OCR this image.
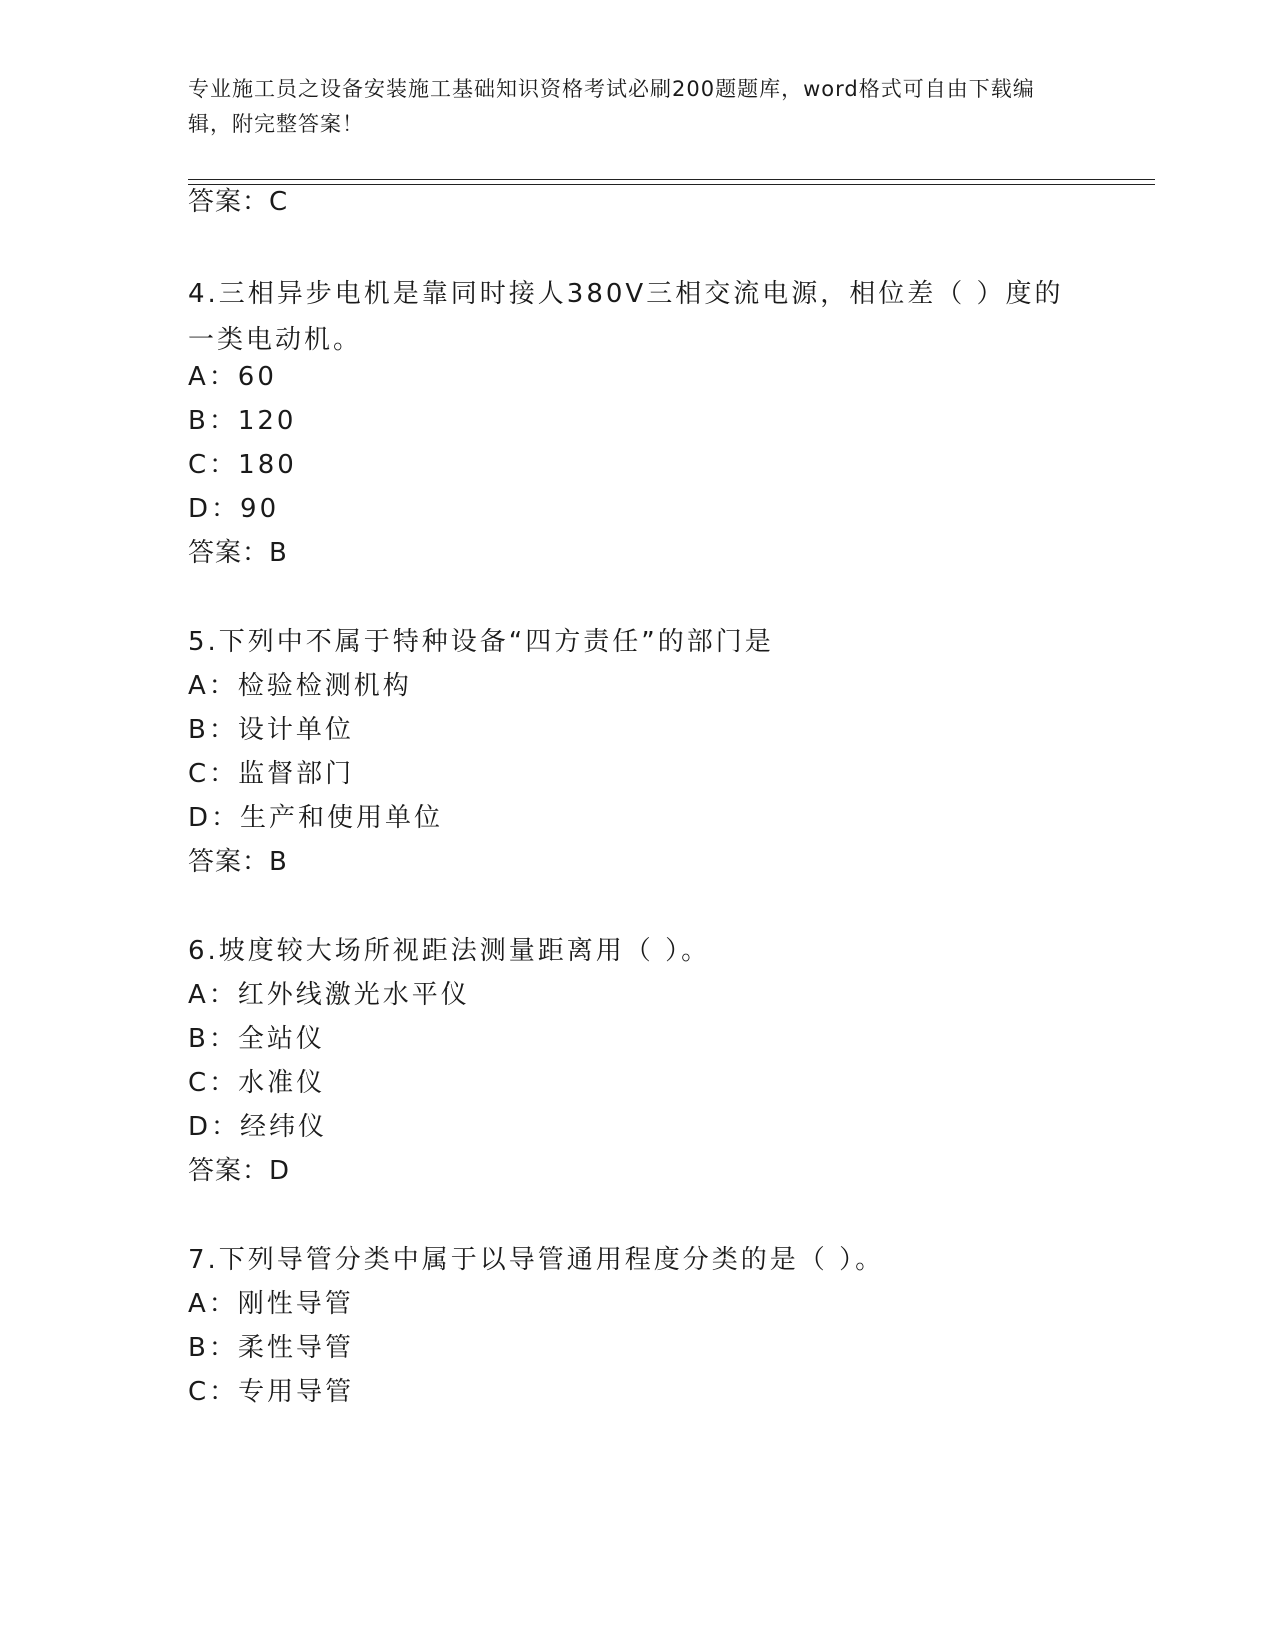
专业施工员之设备安装施工基础知识资格考试必刷200题题库，word格式可自由下载编辑，附完整答案！
答案：C
4.三相异步电机是靠同时接人380V三相交流电源，相位差（ ）度的一类电动机。
A：60
B：120
C：180
D：90
答案：B
5.下列中不属于特种设备“四方责任”的部门是
A：检验检测机构
B：设计单位
C：监督部门
D：生产和使用单位
答案：B
6.坡度较大场所视距法测量距离用（ ）。
A：红外线激光水平仪
B：全站仪
C：水准仪
D：经纬仪
答案：D
7.下列导管分类中属于以导管通用程度分类的是（ ）。
A：刚性导管
B：柔性导管
C：专用导管
